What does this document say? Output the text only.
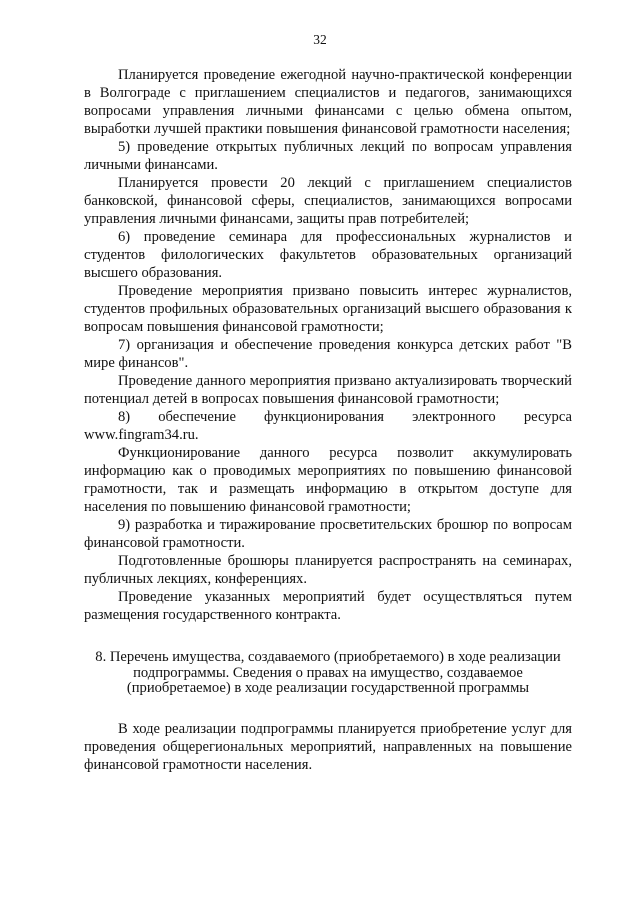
32

Планируется проведение ежегодной научно-практической конференции в Волгограде с приглашением специалистов и педагогов, занимающихся вопросами управления личными финансами с целью обмена опытом, выработки лучшей практики повышения финансовой грамотности населения;

5) проведение открытых публичных лекций по вопросам управления личными финансами.

Планируется провести 20 лекций с приглашением специалистов банковской, финансовой сферы, специалистов, занимающихся вопросами управления личными финансами, защиты прав потребителей;

6) проведение семинара для профессиональных журналистов и студентов филологических факультетов образовательных организаций высшего образования.

Проведение мероприятия призвано повысить интерес журналистов, студентов профильных образовательных организаций высшего образования к вопросам повышения финансовой грамотности;

7) организация и обеспечение проведения конкурса детских работ "В мире финансов".

Проведение данного мероприятия призвано актуализировать творческий потенциал детей в вопросах повышения финансовой грамотности;

8) обеспечение функционирования электронного ресурса www.fingram34.ru.

Функционирование данного ресурса позволит аккумулировать информацию как о проводимых мероприятиях по повышению финансовой грамотности, так и размещать информацию в открытом доступе для населения по повышению финансовой грамотности;

9) разработка и тиражирование просветительских брошюр по вопросам финансовой грамотности.

Подготовленные брошюры планируется распространять на семинарах, публичных лекциях, конференциях.

Проведение указанных мероприятий будет осуществляться путем размещения государственного контракта.

8. Перечень имущества, создаваемого (приобретаемого) в ходе реализации подпрограммы. Сведения о правах на имущество, создаваемое (приобретаемое) в ходе реализации государственной программы

В ходе реализации подпрограммы планируется приобретение услуг для проведения общерегиональных мероприятий, направленных на повышение финансовой грамотности населения.
